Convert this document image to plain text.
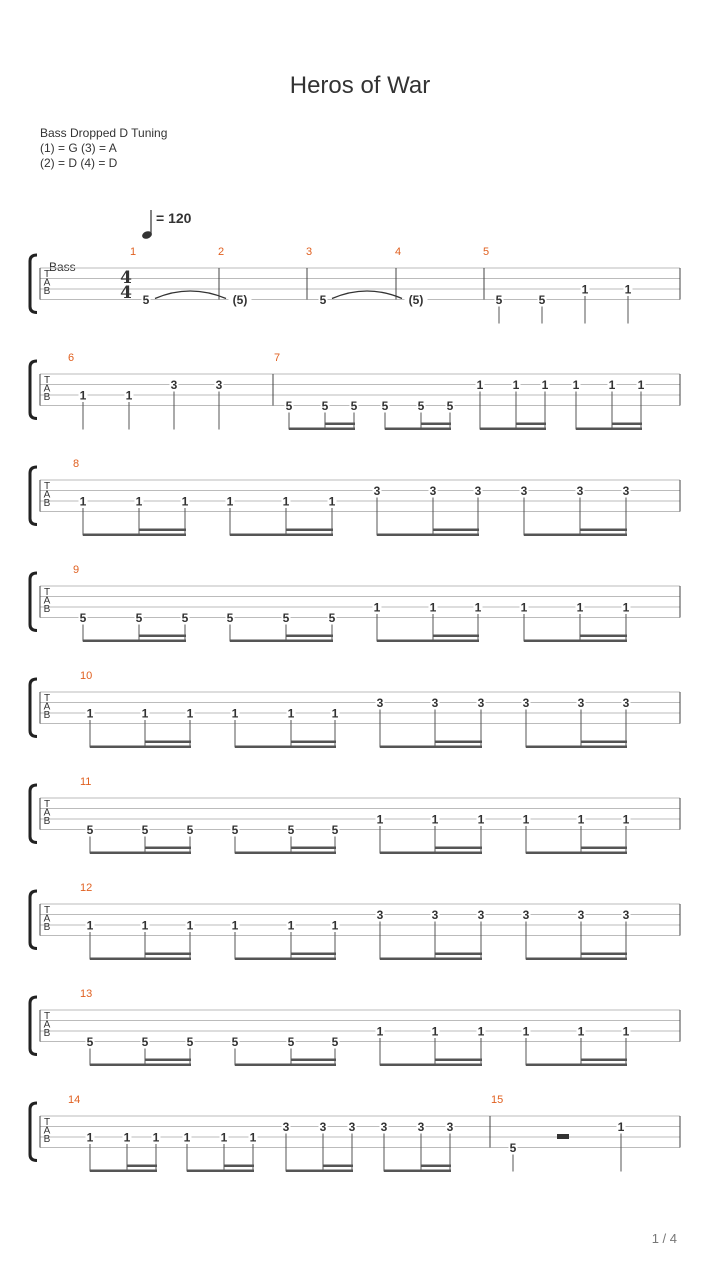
Heros of War
Bass Dropped D Tuning
(1) = G (3) = A
(2) = D (4) = D
= 120
Bass
T
A
B
4
4
1	2	3	4	5
5	(5)	5	(5)	5	5
1	1
T
A
B
6	7
1	1
3	3
5 5 5 5 5 5
1 1 1 1 1 1
T
A
B
8
1	1	1	1	1	1
3	3	3	3	3	3
T
A
B
9
5	5	5	5	5	5
1	1	1	1	1	1
T
A
B
10
1	1	1	1	1	1
3	3	3	3	3	3
T
A
B
11
5	5	5	5	5	5
1	1	1	1	1	1
T
A
B
12
1	1	1	1	1	1
3	3	3	3	3	3
T
A
B
13
5	5	5	5	5	5
1	1	1	1	1	1
T
A
B
14	15
1	1 1 1	1 1
3	3 3 3	3 3
5
1
1 / 4
